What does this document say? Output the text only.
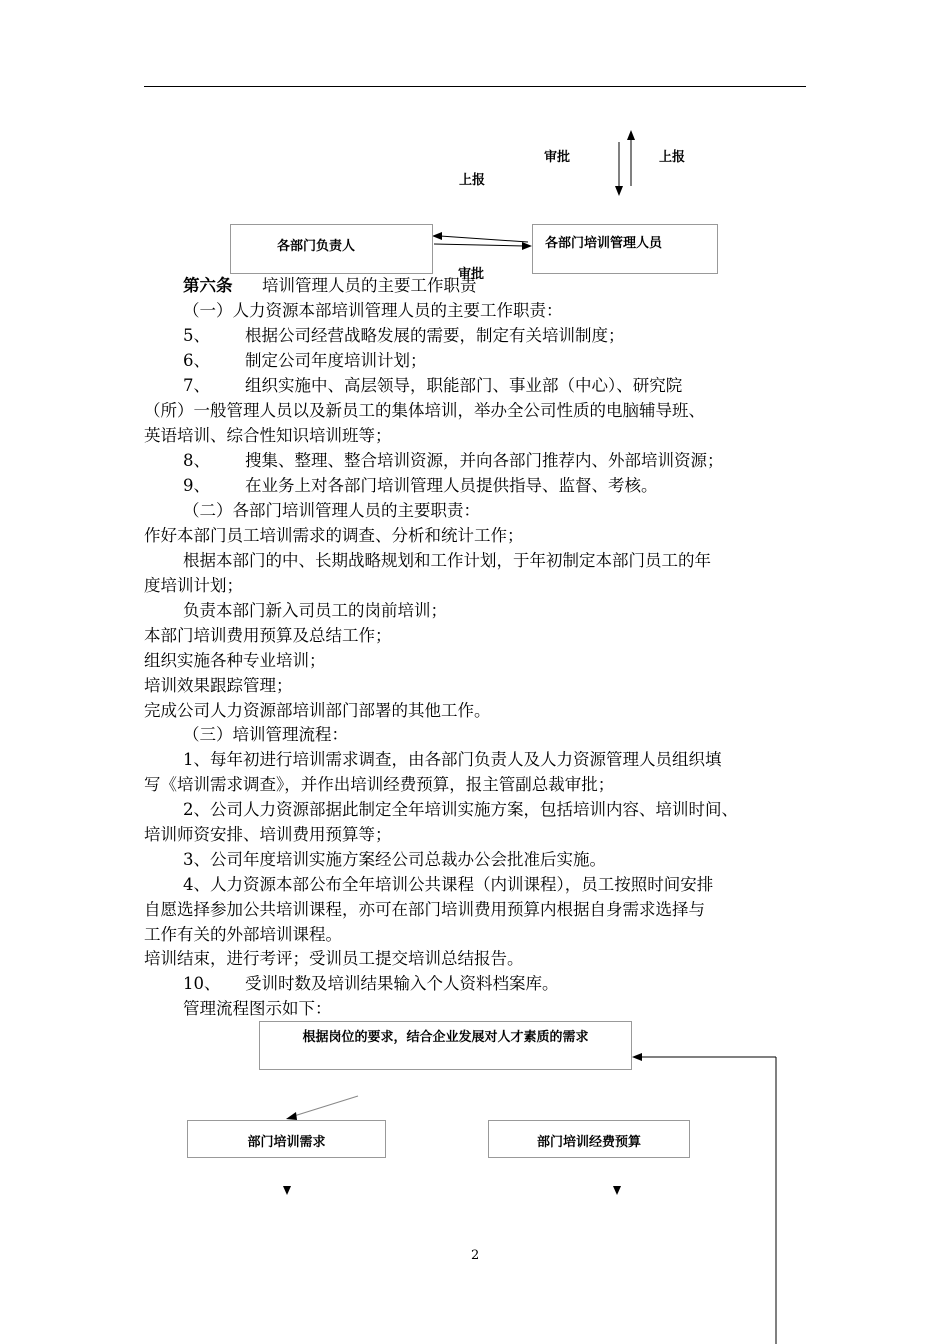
审批	上报
上报
各部门负责人	各部门培训管理人员
审批
第六条 培训管理人员的主要工作职责
（一）人力资源本部培训管理人员的主要工作职责：
5、 根据公司经营战略发展的需要，制定有关培训制度；
6、 制定公司年度培训计划；
7、 组织实施中、高层领导，职能部门、事业部（中心）、研究院
（所）一般管理人员以及新员工的集体培训，举办全公司性质的电脑辅导班、
英语培训、综合性知识培训班等；
8、 搜集、整理、整合培训资源，并向各部门推荐内、外部培训资源；
9、 在业务上对各部门培训管理人员提供指导、监督、考核。
（二）各部门培训管理人员的主要职责：
作好本部门员工培训需求的调查、分析和统计工作；
根据本部门的中、长期战略规划和工作计划，于年初制定本部门员工的年
度培训计划；
负责本部门新入司员工的岗前培训；
本部门培训费用预算及总结工作；
组织实施各种专业培训；
培训效果跟踪管理；
完成公司人力资源部培训部门部署的其他工作。
（三）培训管理流程：
1、每年初进行培训需求调查，由各部门负责人及人力资源管理人员组织填
写《培训需求调查》，并作出培训经费预算，报主管副总裁审批；
2、公司人力资源部据此制定全年培训实施方案，包括培训内容、培训时间、
培训师资安排、培训费用预算等；
3、公司年度培训实施方案经公司总裁办公会批准后实施。
4、人力资源本部公布全年培训公共课程（内训课程），员工按照时间安排
自愿选择参加公共培训课程，亦可在部门培训费用预算内根据自身需求选择与
工作有关的外部培训课程。
培训结束，进行考评；受训员工提交培训总结报告。
10、 受训时数及培训结果输入个人资料档案库。
管理流程图示如下：
根据岗位的要求，结合企业发展对人才素质的需求
部门培训需求	部门培训经费预算
2
